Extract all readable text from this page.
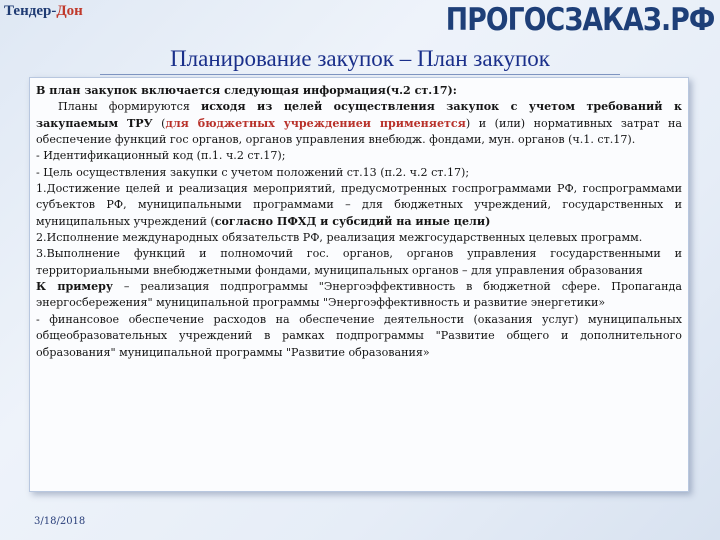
Тендер-Дон	ПРОГОСЗАКАЗ.РФ
Планирование закупок – План закупок

В план закупок включается следующая информация(ч.2 ст.17):

Планы формируются исходя из целей осуществления закупок с учетом требований к закупаемым ТРУ (для бюджетных учреждениеи применяется) и (или) нормативных затрат на обеспечение функций гос органов, органов управления внебюдж. фондами, мун. органов (ч.1. ст.17).

- Идентификационный код (п.1. ч.2 ст.17);

- Цель осуществления закупки с учетом положений ст.13 (п.2. ч.2 ст.17);

1.Достижение целей и реализация мероприятий, предусмотренных госпрограммами РФ, госпрограммами субъектов РФ, муниципальными программами – для бюджетных учреждений, государственных и муниципальных учреждений (согласно ПФХД и субсидий на иные цели)

2.Исполнение международных обязательств РФ, реализация межгосударственных целевых программ.

3.Выполнение функций и полномочий гос. органов, органов управления государственными и территориальными внебюджетными фондами, муниципальных органов – для управления образования

К примеру – реализация подпрограммы "Энергоэффективность в бюджетной сфере. Пропаганда энергосбережения" муниципальной программы "Энергоэффективность и развитие энергетики»

- финансовое обеспечение расходов на обеспечение деятельности (оказания услуг) муниципальных общеобразовательных учреждений в рамках подпрограммы "Развитие общего и дополнительного образования" муниципальной программы "Развитие образования»

3/18/2018
